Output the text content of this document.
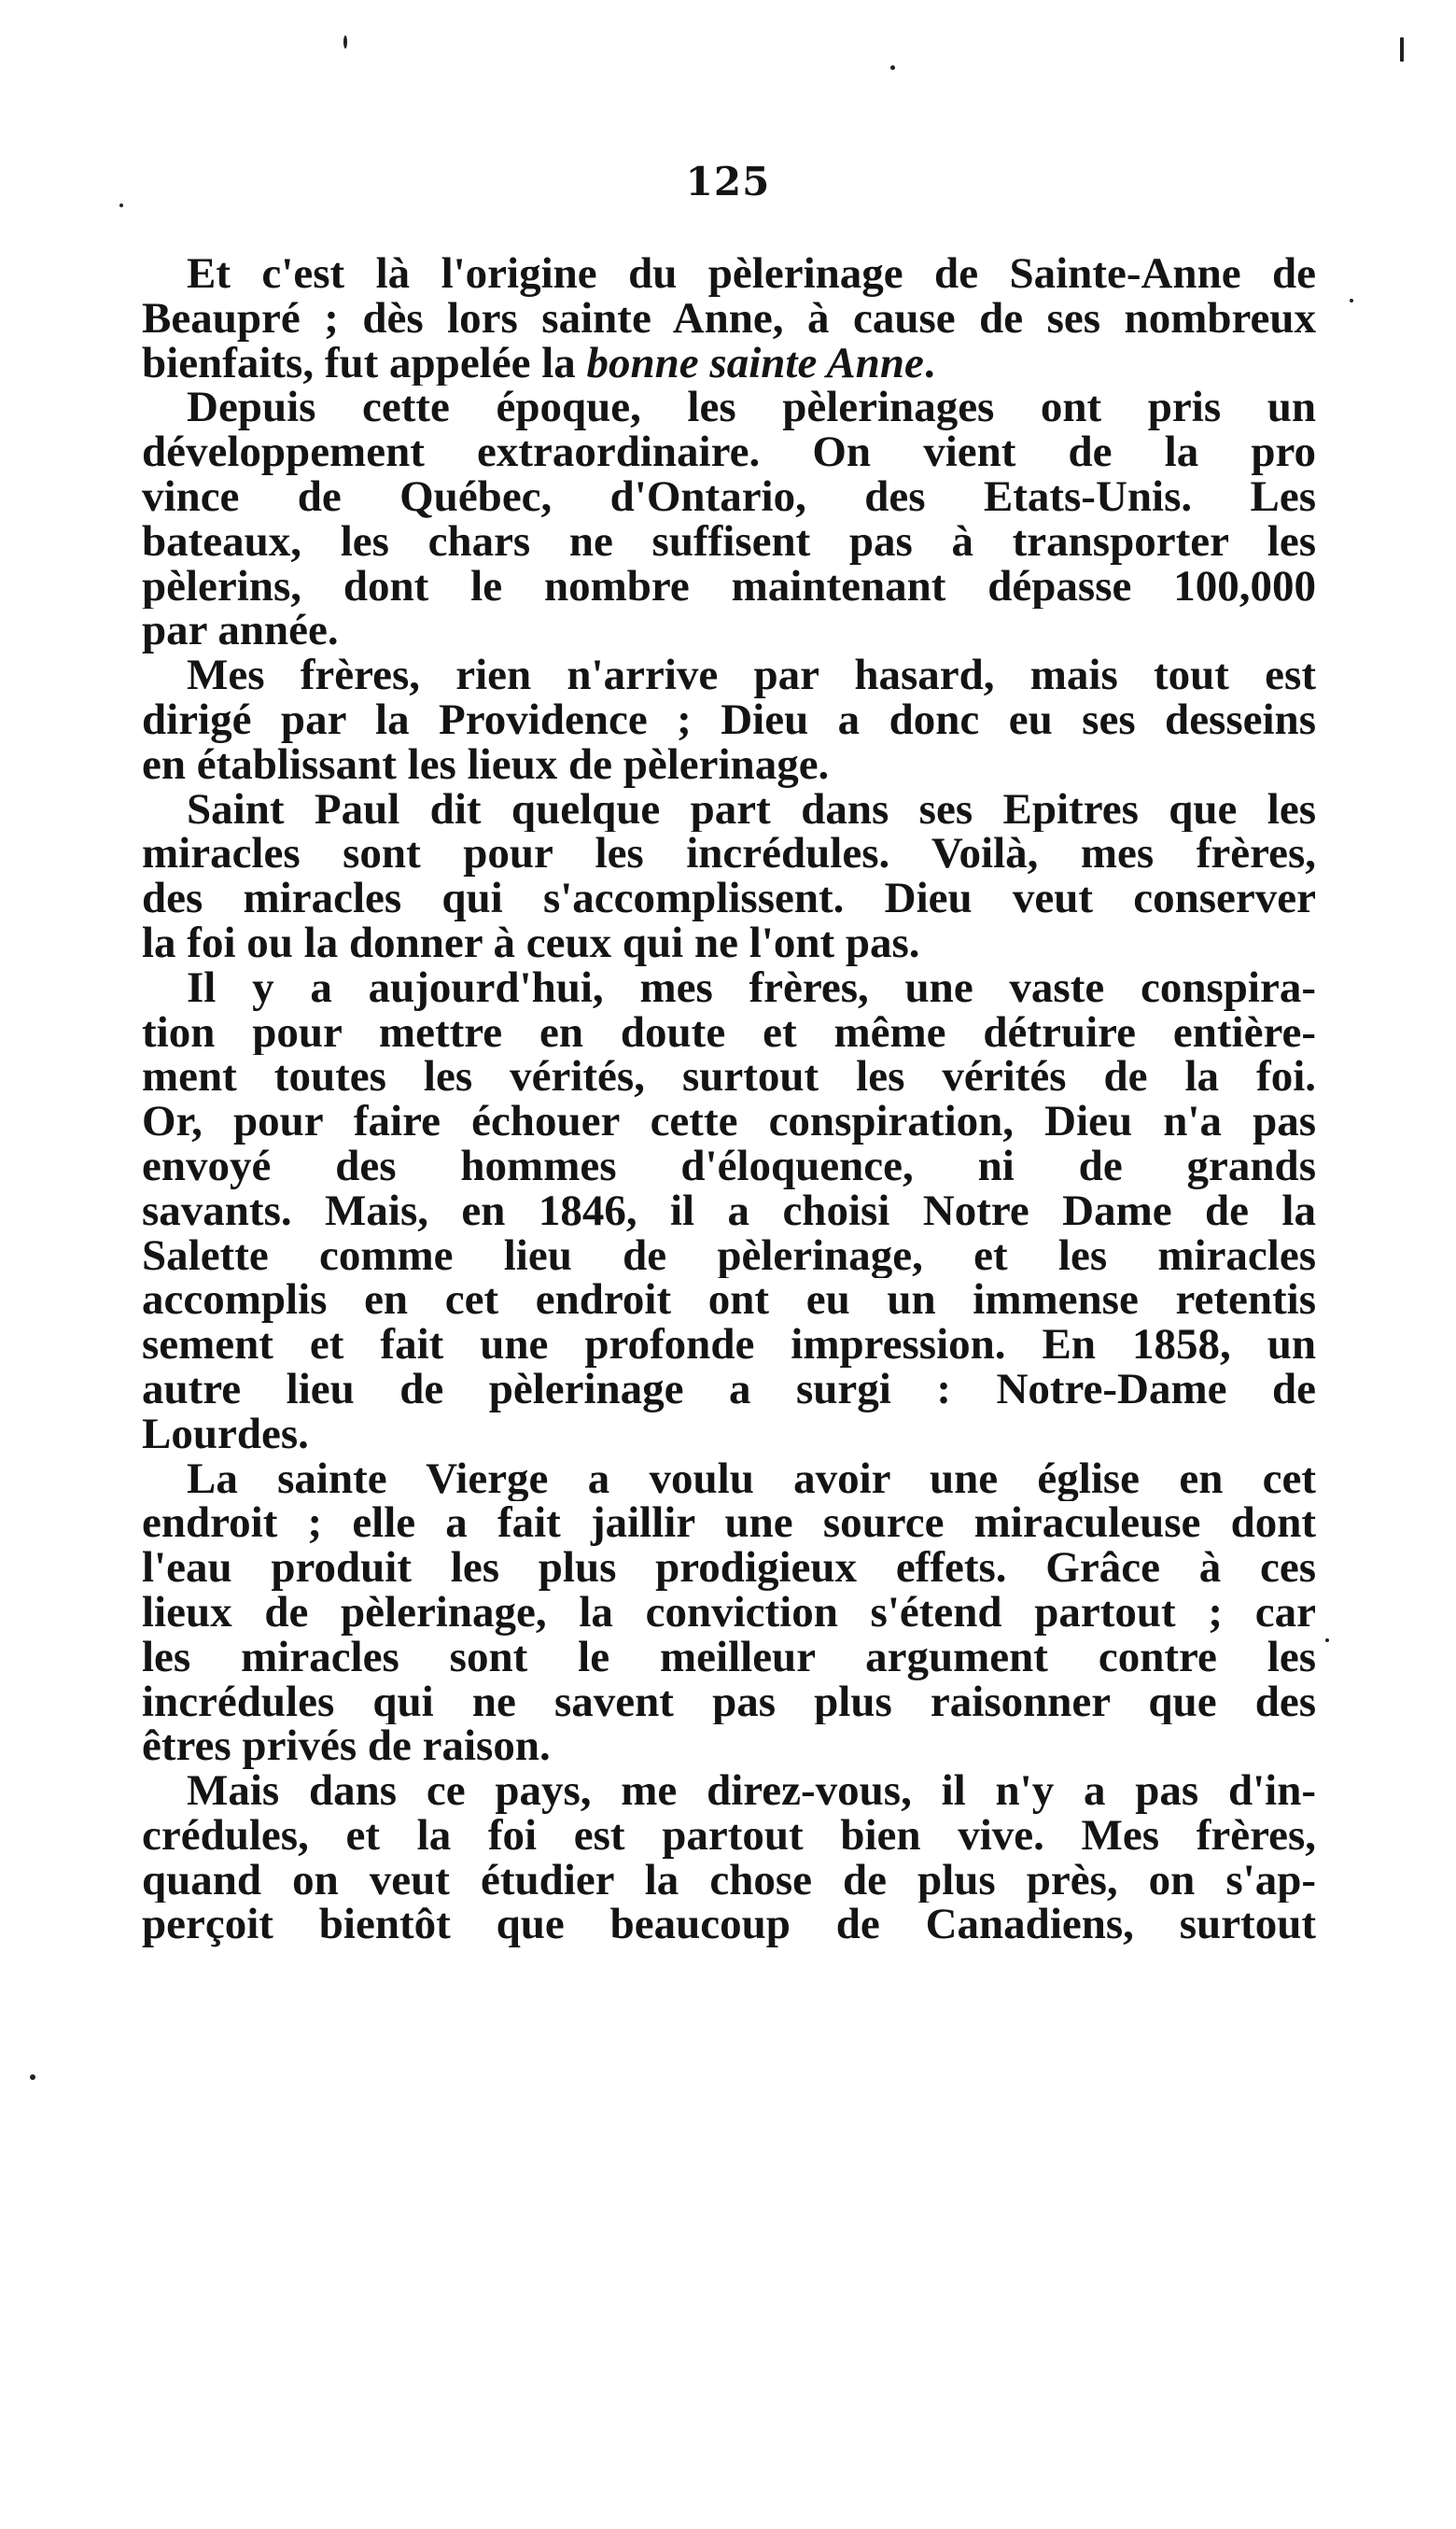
125
Et c'est là l'origine du pèlerinage de Sainte-Anne de
Beaupré ; dès lors sainte Anne, à cause de ses nombreux
bienfaits, fut appelée la bonne sainte Anne.
Depuis cette époque, les pèlerinages ont pris un
développement extraordinaire. On vient de la pro
vince de Québec, d'Ontario, des Etats-Unis. Les
bateaux, les chars ne suffisent pas à transporter les
pèlerins, dont le nombre maintenant dépasse 100,000
par année.
Mes frères, rien n'arrive par hasard, mais tout est
dirigé par la Providence ; Dieu a donc eu ses desseins
en établissant les lieux de pèlerinage.
Saint Paul dit quelque part dans ses Epitres que les
miracles sont pour les incrédules. Voilà, mes frères,
des miracles qui s'accomplissent. Dieu veut conserver
la foi ou la donner à ceux qui ne l'ont pas.
Il y a aujourd'hui, mes frères, une vaste conspira-
tion pour mettre en doute et même détruire entière-
ment toutes les vérités, surtout les vérités de la foi.
Or, pour faire échouer cette conspiration, Dieu n'a pas
envoyé des hommes d'éloquence, ni de grands
savants. Mais, en 1846, il a choisi Notre Dame de la
Salette comme lieu de pèlerinage, et les miracles
accomplis en cet endroit ont eu un immense retentis
sement et fait une profonde impression. En 1858, un
autre lieu de pèlerinage a surgi : Notre-Dame de
Lourdes.
La sainte Vierge a voulu avoir une église en cet
endroit ; elle a fait jaillir une source miraculeuse dont
l'eau produit les plus prodigieux effets. Grâce à ces
lieux de pèlerinage, la conviction s'étend partout ; car
les miracles sont le meilleur argument contre les
incrédules qui ne savent pas plus raisonner que des
êtres privés de raison.
Mais dans ce pays, me direz-vous, il n'y a pas d'in-
crédules, et la foi est partout bien vive. Mes frères,
quand on veut étudier la chose de plus près, on s'ap-
perçoit bientôt que beaucoup de Canadiens, surtout
